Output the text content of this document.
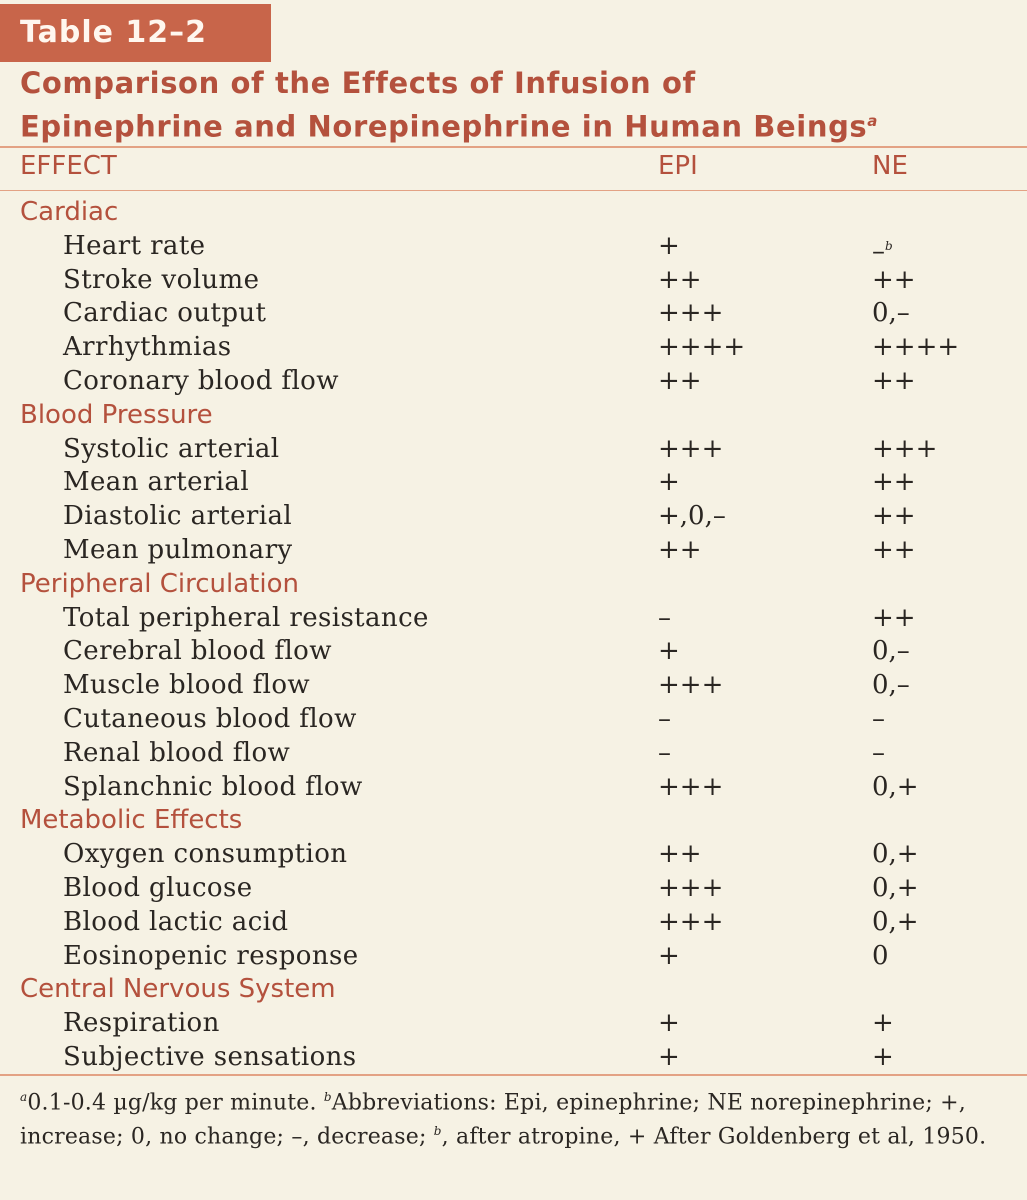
Table 12–2
Comparison of the Effects of Infusion of
Epinephrine and Norepinephrine in Human Beings$^a$
EFFECT	EPI	NE
Cardiac
Heart rate	+	–$^b$
Stroke volume	++	++
Cardiac output	+++	0,–
Arrhythmias	++++	++++
Coronary blood flow	++	++
Blood Pressure
Systolic arterial	+++	+++
Mean arterial	+	++
Diastolic arterial	+,0,–	++
Mean pulmonary	++	++
Peripheral Circulation
Total peripheral resistance	–	++
Cerebral blood flow	+	0,–
Muscle blood flow	+++	0,–
Cutaneous blood flow	–	–
Renal blood flow	–	–
Splanchnic blood flow	+++	0,+
Metabolic Effects
Oxygen consumption	++	0,+
Blood glucose	+++	0,+
Blood lactic acid	+++	0,+
Eosinopenic response	+	0
Central Nervous System
Respiration	+	+
Subjective sensations	+	+
$^a$0.1-0.4 µg/kg per minute. $^b$Abbreviations: Epi, epinephrine; NE norepinephrine; +, increase; 0, no change; –, decrease; $^b$, after atropine, + After Goldenberg et al, 1950.
